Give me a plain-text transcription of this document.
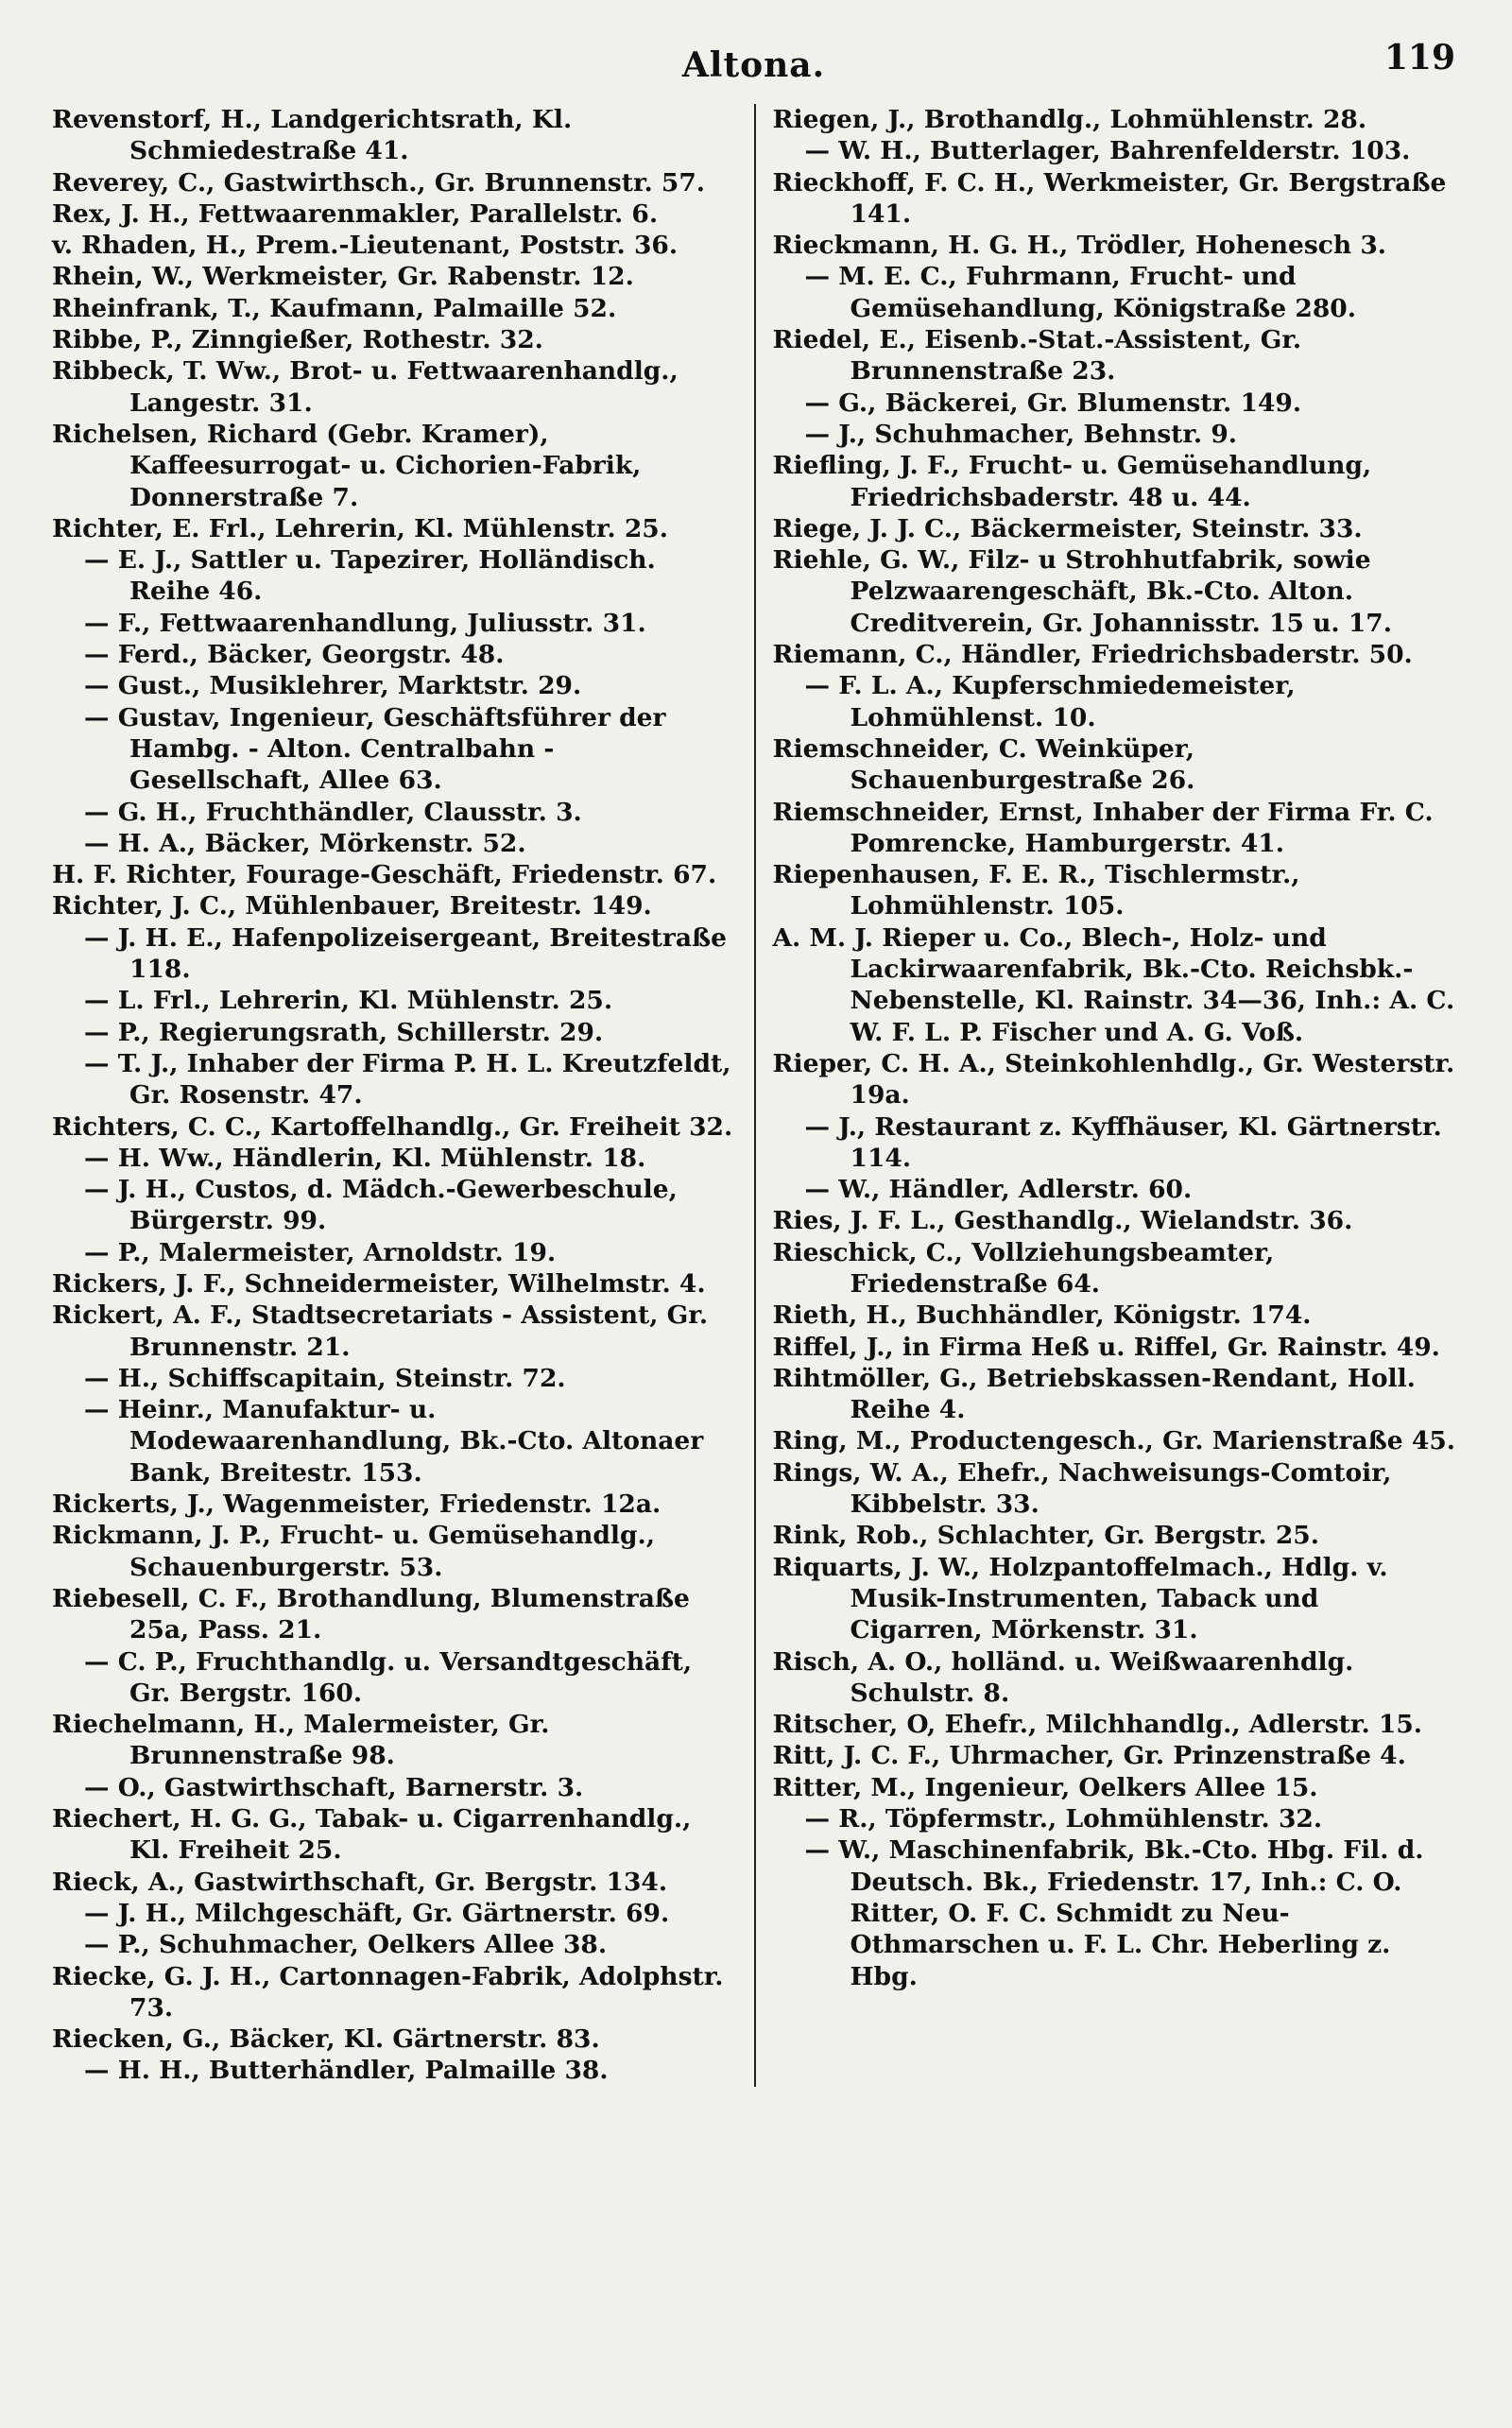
Altona.	119
Revenstorf, H., Landgerichtsrath, Kl. Schmiedestraße 41.
Reverey, C., Gastwirthsch., Gr. Brunnenstr. 57.
Rex, J. H., Fettwaarenmakler, Parallelstr. 6.
v. Rhaden, H., Prem.-Lieutenant, Poststr. 36.
Rhein, W., Werkmeister, Gr. Rabenstr. 12.
Rheinfrank, T., Kaufmann, Palmaille 52.
Ribbe, P., Zinngießer, Rothestr. 32.
Ribbeck, T. Ww., Brot- u. Fettwaarenhandlg., Langestr. 31.
Richelsen, Richard (Gebr. Kramer), Kaffeesurrogat- u. Cichorien-Fabrik, Donnerstraße 7.
Richter, E. Frl., Lehrerin, Kl. Mühlenstr. 25.
— E. J., Sattler u. Tapezirer, Holländisch. Reihe 46.
— F., Fettwaarenhandlung, Juliusstr. 31.
— Ferd., Bäcker, Georgstr. 48.
— Gust., Musiklehrer, Marktstr. 29.
— Gustav, Ingenieur, Geschäftsführer der Hambg. - Alton. Centralbahn - Gesellschaft, Allee 63.
— G. H., Fruchthändler, Clausstr. 3.
— H. A., Bäcker, Mörkenstr. 52.
H. F. Richter, Fourage-Geschäft, Friedenstr. 67.
Richter, J. C., Mühlenbauer, Breitestr. 149.
— J. H. E., Hafenpolizeisergeant, Breitestraße 118.
— L. Frl., Lehrerin, Kl. Mühlenstr. 25.
— P., Regierungsrath, Schillerstr. 29.
— T. J., Inhaber der Firma P. H. L. Kreutzfeldt, Gr. Rosenstr. 47.
Richters, C. C., Kartoffelhandlg., Gr. Freiheit 32.
— H. Ww., Händlerin, Kl. Mühlenstr. 18.
— J. H., Custos, d. Mädch.-Gewerbeschule, Bürgerstr. 99.
— P., Malermeister, Arnoldstr. 19.
Rickers, J. F., Schneidermeister, Wilhelmstr. 4.
Rickert, A. F., Stadtsecretariats - Assistent, Gr. Brunnenstr. 21.
— H., Schiffscapitain, Steinstr. 72.
— Heinr., Manufaktur- u. Modewaarenhandlung, Bk.-Cto. Altonaer Bank, Breitestr. 153.
Rickerts, J., Wagenmeister, Friedenstr. 12a.
Rickmann, J. P., Frucht- u. Gemüsehandlg., Schauenburgerstr. 53.
Riebesell, C. F., Brothandlung, Blumenstraße 25a, Pass. 21.
— C. P., Fruchthandlg. u. Versandtgeschäft, Gr. Bergstr. 160.
Riechelmann, H., Malermeister, Gr. Brunnenstraße 98.
— O., Gastwirthschaft, Barnerstr. 3.
Riechert, H. G. G., Tabak- u. Cigarrenhandlg., Kl. Freiheit 25.
Rieck, A., Gastwirthschaft, Gr. Bergstr. 134.
— J. H., Milchgeschäft, Gr. Gärtnerstr. 69.
— P., Schuhmacher, Oelkers Allee 38.
Riecke, G. J. H., Cartonnagen-Fabrik, Adolphstr. 73.
Riecken, G., Bäcker, Kl. Gärtnerstr. 83.
— H. H., Butterhändler, Palmaille 38.
Riegen, J., Brothandlg., Lohmühlenstr. 28.
— W. H., Butterlager, Bahrenfelderstr. 103.
Rieckhoff, F. C. H., Werkmeister, Gr. Bergstraße 141.
Rieckmann, H. G. H., Trödler, Hohenesch 3.
— M. E. C., Fuhrmann, Frucht- und Gemüsehandlung, Königstraße 280.
Riedel, E., Eisenb.-Stat.-Assistent, Gr. Brunnenstraße 23.
— G., Bäckerei, Gr. Blumenstr. 149.
— J., Schuhmacher, Behnstr. 9.
Riefling, J. F., Frucht- u. Gemüsehandlung, Friedrichsbaderstr. 48 u. 44.
Riege, J. J. C., Bäckermeister, Steinstr. 33.
Riehle, G. W., Filz- u Strohhutfabrik, sowie Pelzwaarengeschäft, Bk.-Cto. Alton. Creditverein, Gr. Johannisstr. 15 u. 17.
Riemann, C., Händler, Friedrichsbaderstr. 50.
— F. L. A., Kupferschmiedemeister, Lohmühlenst. 10.
Riemschneider, C. Weinküper, Schauenburgestraße 26.
Riemschneider, Ernst, Inhaber der Firma Fr. C. Pomrencke, Hamburgerstr. 41.
Riepenhausen, F. E. R., Tischlermstr., Lohmühlenstr. 105.
A. M. J. Rieper u. Co., Blech-, Holz- und Lackirwaarenfabrik, Bk.-Cto. Reichsbk.-Nebenstelle, Kl. Rainstr. 34—36, Inh.: A. C. W. F. L. P. Fischer und A. G. Voß.
Rieper, C. H. A., Steinkohlenhdlg., Gr. Westerstr. 19a.
— J., Restaurant z. Kyffhäuser, Kl. Gärtnerstr. 114.
— W., Händler, Adlerstr. 60.
Ries, J. F. L., Gesthandlg., Wielandstr. 36.
Rieschick, C., Vollziehungsbeamter, Friedenstraße 64.
Rieth, H., Buchhändler, Königstr. 174.
Riffel, J., in Firma Heß u. Riffel, Gr. Rainstr. 49.
Rihtmöller, G., Betriebskassen-Rendant, Holl. Reihe 4.
Ring, M., Productengesch., Gr. Marienstraße 45.
Rings, W. A., Ehefr., Nachweisungs-Comtoir, Kibbelstr. 33.
Rink, Rob., Schlachter, Gr. Bergstr. 25.
Riquarts, J. W., Holzpantoffelmach., Hdlg. v. Musik-Instrumenten, Taback und Cigarren, Mörkenstr. 31.
Risch, A. O., holländ. u. Weißwaarenhdlg. Schulstr. 8.
Ritscher, O, Ehefr., Milchhandlg., Adlerstr. 15.
Ritt, J. C. F., Uhrmacher, Gr. Prinzenstraße 4.
Ritter, M., Ingenieur, Oelkers Allee 15.
— R., Töpfermstr., Lohmühlenstr. 32.
— W., Maschinenfabrik, Bk.-Cto. Hbg. Fil. d. Deutsch. Bk., Friedenstr. 17, Inh.: C. O. Ritter, O. F. C. Schmidt zu Neu-Othmarschen u. F. L. Chr. Heberling z. Hbg.
